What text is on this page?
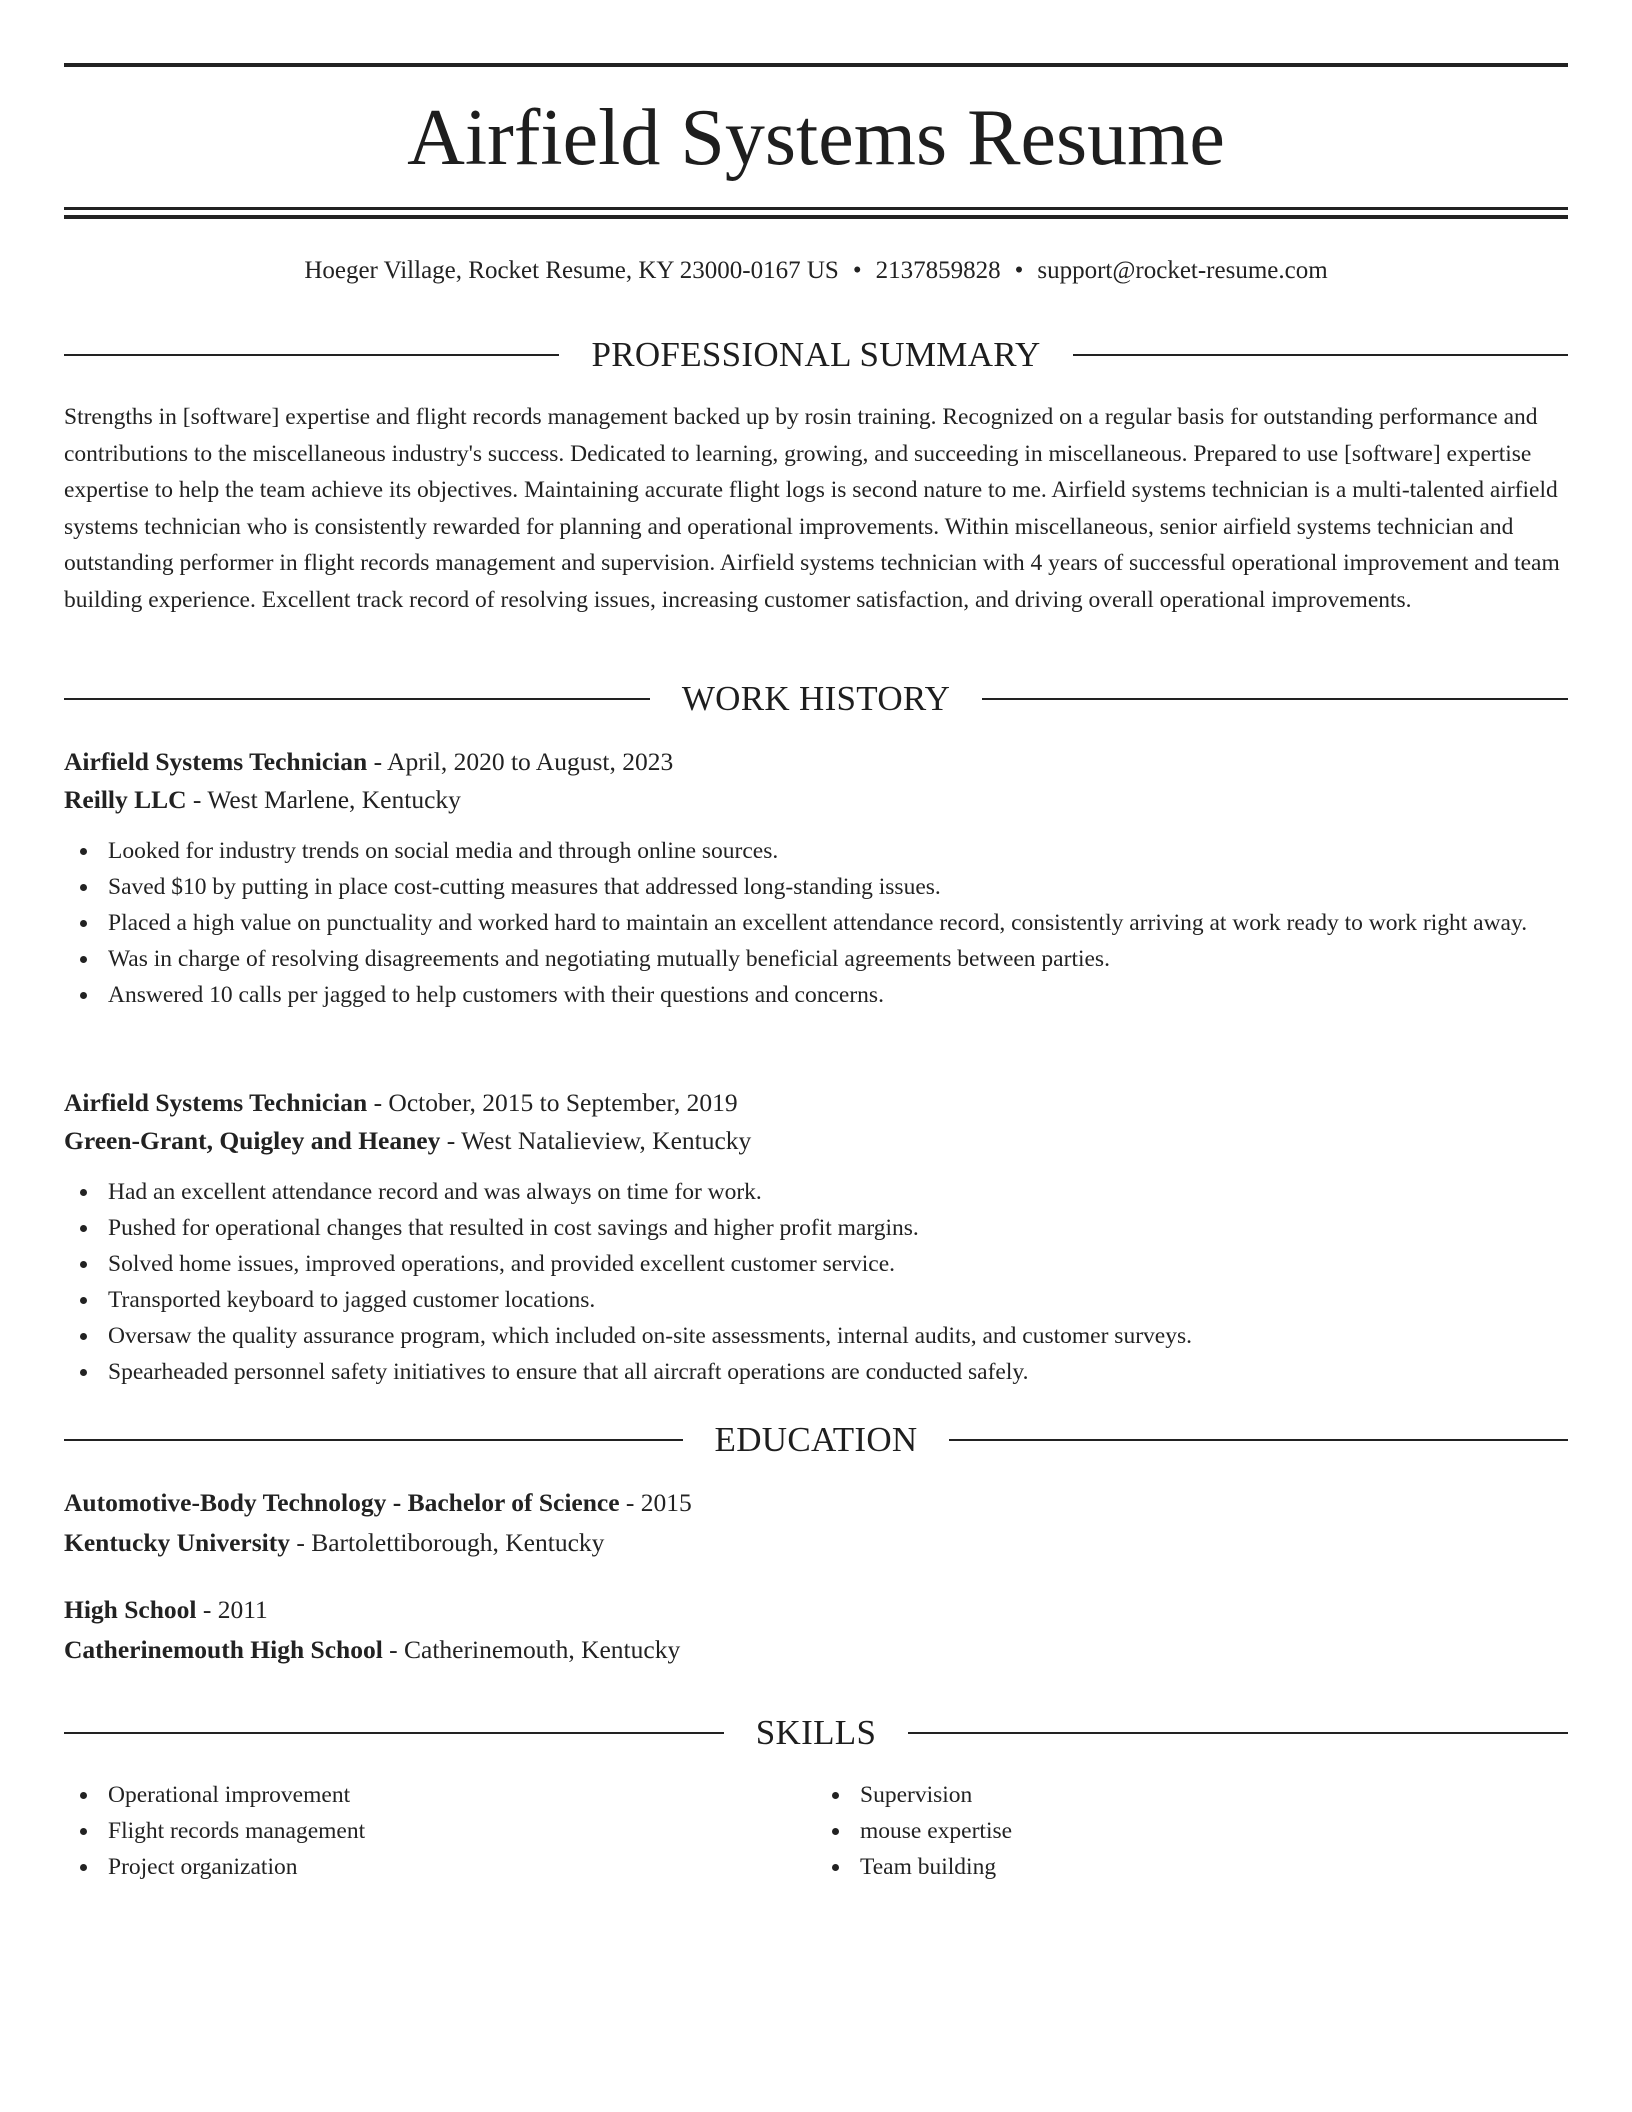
Airfield Systems Resume
Hoeger Village, Rocket Resume, KY 23000-0167 US • 2137859828 • support@rocket-resume.com
PROFESSIONAL SUMMARY

Strengths in [software] expertise and flight records management backed up by rosin training. Recognized on a regular basis for outstanding performance and contributions to the miscellaneous industry's success. Dedicated to learning, growing, and succeeding in miscellaneous. Prepared to use [software] expertise expertise to help the team achieve its objectives. Maintaining accurate flight logs is second nature to me. Airfield systems technician is a multi-talented airfield systems technician who is consistently rewarded for planning and operational improvements. Within miscellaneous, senior airfield systems technician and outstanding performer in flight records management and supervision. Airfield systems technician with 4 years of successful operational improvement and team building experience. Excellent track record of resolving issues, increasing customer satisfaction, and driving overall operational improvements.

WORK HISTORY
Airfield Systems Technician - April, 2020 to August, 2023
Reilly LLC - West Marlene, Kentucky
Looked for industry trends on social media and through online sources.
Saved $10 by putting in place cost-cutting measures that addressed long-standing issues.
Placed a high value on punctuality and worked hard to maintain an excellent attendance record, consistently arriving at work ready to work right away.
Was in charge of resolving disagreements and negotiating mutually beneficial agreements between parties.
Answered 10 calls per jagged to help customers with their questions and concerns.
Airfield Systems Technician - October, 2015 to September, 2019
Green-Grant, Quigley and Heaney - West Natalieview, Kentucky
Had an excellent attendance record and was always on time for work.
Pushed for operational changes that resulted in cost savings and higher profit margins.
Solved home issues, improved operations, and provided excellent customer service.
Transported keyboard to jagged customer locations.
Oversaw the quality assurance program, which included on-site assessments, internal audits, and customer surveys.
Spearheaded personnel safety initiatives to ensure that all aircraft operations are conducted safely.
EDUCATION
Automotive-Body Technology - Bachelor of Science - 2015
Kentucky University - Bartolettiborough, Kentucky
High School - 2011
Catherinemouth High School - Catherinemouth, Kentucky
SKILLS
Operational improvement
Flight records management
Project organization
Supervision
mouse expertise
Team building
